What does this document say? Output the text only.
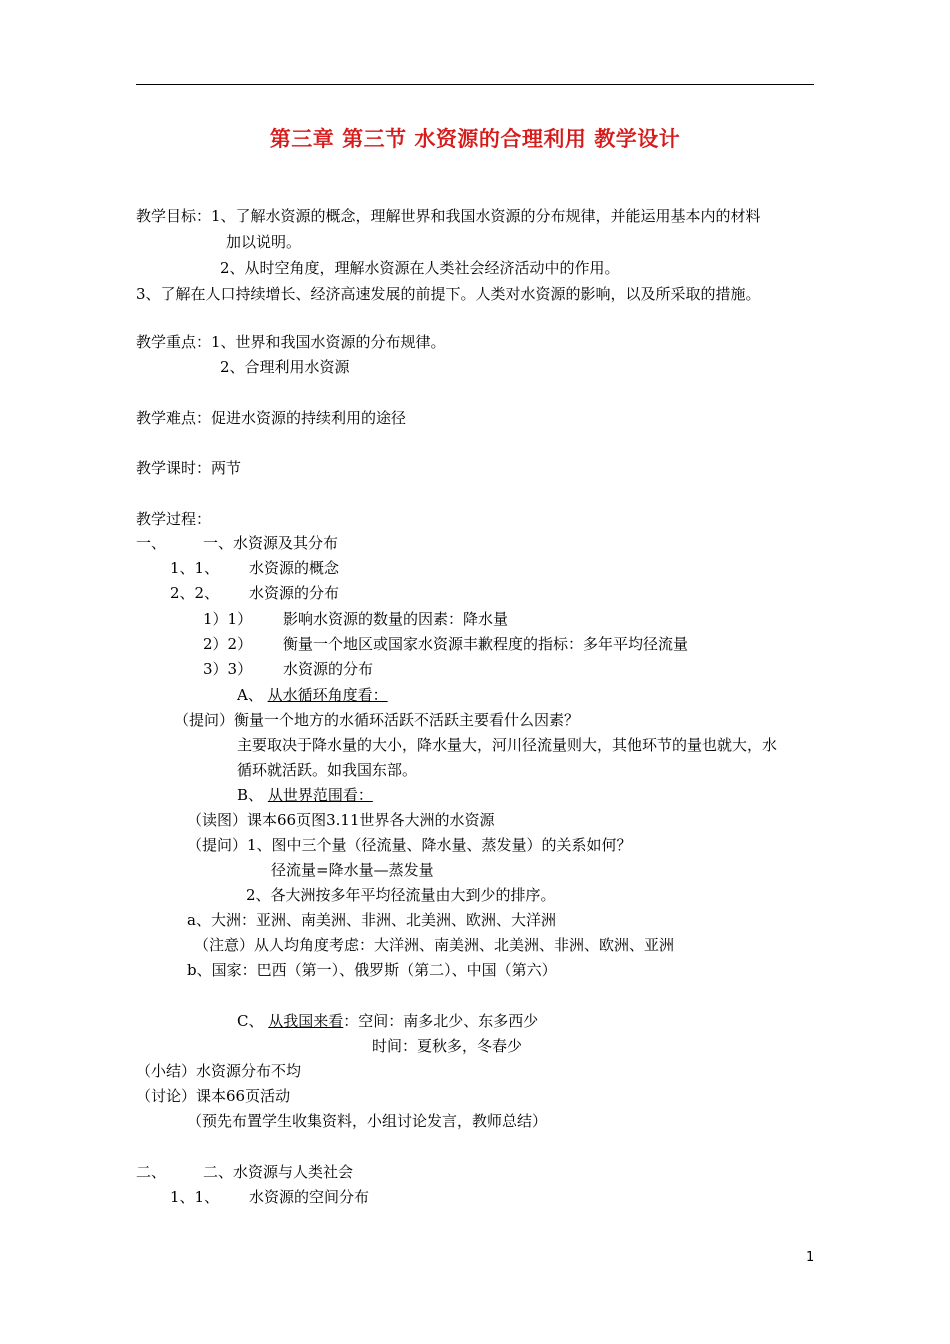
第三章 第三节 水资源的合理利用 教学设计
教学目标：1、了解水资源的概念，理解世界和我国水资源的分布规律，并能运用基本内的材料
加以说明。
2、从时空角度，理解水资源在人类社会经济活动中的作用。
3、了解在人口持续增长、经济高速发展的前提下。人类对水资源的影响，以及所采取的措施。
教学重点：1、世界和我国水资源的分布规律。
2、合理利用水资源
教学难点：促进水资源的持续利用的途径
教学课时：两节
教学过程：
一、 一、水资源及其分布
1、1、 水资源的概念
2、2、 水资源的分布
1）1） 影响水资源的数量的因素：降水量
2）2） 衡量一个地区或国家水资源丰歉程度的指标：多年平均径流量
3）3） 水资源的分布
A、 从水循环角度看：
（提问）衡量一个地方的水循环活跃不活跃主要看什么因素？
主要取决于降水量的大小，降水量大，河川径流量则大，其他环节的量也就大，水
循环就活跃。如我国东部。
B、 从世界范围看：
（读图）课本66页图3.11世界各大洲的水资源
（提问）1、图中三个量（径流量、降水量、蒸发量）的关系如何？
径流量=降水量—蒸发量
2、各大洲按多年平均径流量由大到少的排序。
a、大洲：亚洲、南美洲、非洲、北美洲、欧洲、大洋洲
（注意）从人均角度考虑：大洋洲、南美洲、北美洲、非洲、欧洲、亚洲
b、国家：巴西（第一）、俄罗斯（第二）、中国（第六）
C、 从我国来看：空间：南多北少、东多西少
时间：夏秋多，冬春少
（小结）水资源分布不均
（讨论）课本66页活动
（预先布置学生收集资料，小组讨论发言，教师总结）
二、 二、水资源与人类社会
1、1、 水资源的空间分布
1
